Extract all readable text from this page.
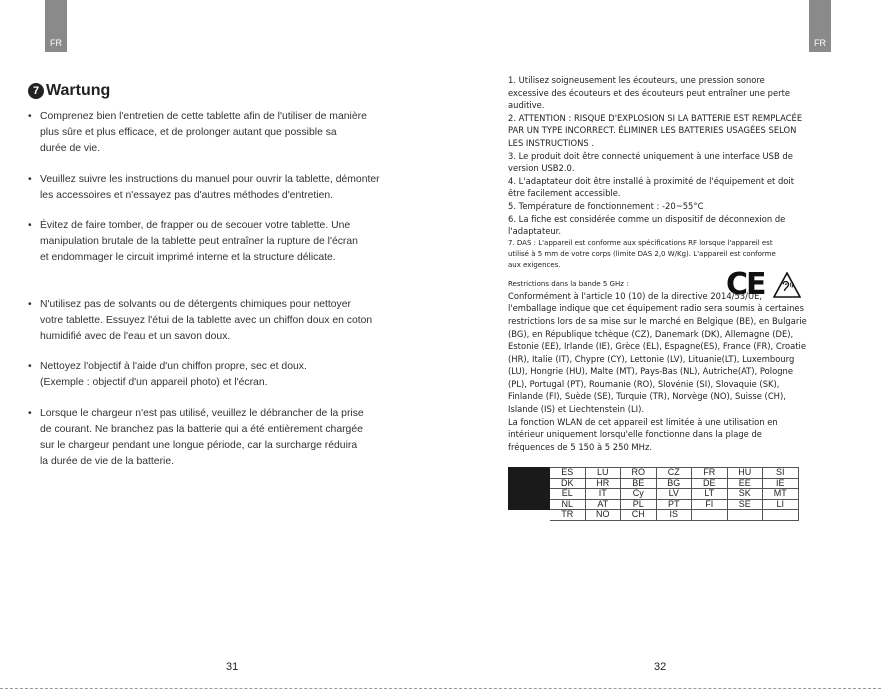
FR
7 Wartung
• Comprenez bien l'entretien de cette tablette afin de l'utiliser de manière
plus sûre et plus efficace, et de prolonger autant que possible sa
durée de vie.
• Veuillez suivre les instructions du manuel pour ouvrir la tablette, démonter
les accessoires et n'essayez pas d'autres méthodes d'entretien.
• Évitez de faire tomber, de frapper ou de secouer votre tablette. Une
manipulation brutale de la tablette peut entraîner la rupture de l'écran
et endommager le circuit imprimé interne et la structure délicate.
• N'utilisez pas de solvants ou de détergents chimiques pour nettoyer
votre tablette. Essuyez l'étui de la tablette avec un chiffon doux en coton
humidifié avec de l'eau et un savon doux.
• Nettoyez l'objectif à l'aide d'un chiffon propre, sec et doux.
(Exemple : objectif d'un appareil photo) et l'écran.
• Lorsque le chargeur n'est pas utilisé, veuillez le débrancher de la prise
de courant. Ne branchez pas la batterie qui a été entièrement chargée
sur le chargeur pendant une longue période, car la surcharge réduira
la durée de vie de la batterie.
31
FR

1. Utilisez soigneusement les écouteurs, une pression sonore

excessive des écouteurs et des écouteurs peut entraîner une perte

auditive.

2. ATTENTION : RISQUE D'EXPLOSION SI LA BATTERIE EST REMPLACÉE

PAR UN TYPE INCORRECT. ÉLIMINER LES BATTERIES USAGÉES SELON

LES INSTRUCTIONS .

3. Le produit doit être connecté uniquement à une interface USB de

version USB2.0.

4. L'adaptateur doit être installé à proximité de l'équipement et doit

être facilement accessible.

5. Température de fonctionnement : -20~55°C

6. La fiche est considérée comme un dispositif de déconnexion de

l'adaptateur.

7. DAS : L'appareil est conforme aux spécifications RF lorsque l'appareil est

utilisé à 5 mm de votre corps (limite DAS 2,0 W/Kg). L'appareil est conforme

aux exigences.

Restrictions dans la bande 5 GHz :

Conformément à l'article 10 (10) de la directive 2014/53/UE,

l'emballage indique que cet équipement radio sera soumis à certaines

restrictions lors de sa mise sur le marché en Belgique (BE), en Bulgarie

(BG), en République tchèque (CZ), Danemark (DK), Allemagne (DE),

Estonie (EE), Irlande (IE), Grèce (EL), Espagne(ES), France (FR), Croatie

(HR), Italie (IT), Chypre (CY), Lettonie (LV), Lituanie(LT), Luxembourg

(LU), Hongrie (HU), Malte (MT), Pays-Bas (NL), Autriche(AT), Pologne

(PL), Portugal (PT), Roumanie (RO), Slovénie (SI), Slovaquie (SK),

Finlande (FI), Suède (SE), Turquie (TR), Norvège (NO), Suisse (CH),

Islande (IS) et Liechtenstein (LI).

La fonction WLAN de cet appareil est limitée à une utilisation en

intérieur uniquement lorsqu'elle fonctionne dans la plage de

fréquences de 5 150 à 5 250 MHz.

CE
	ES	LU	RO	CZ	FR	HU	SI
	DK	HR	BE	BG	DE	EE	IE
	EL	IT	Cy	LV	LT	SK	MT
	NL	AT	PL	PT	FI	SE	LI
	TR	NO	CH	IS			
32
